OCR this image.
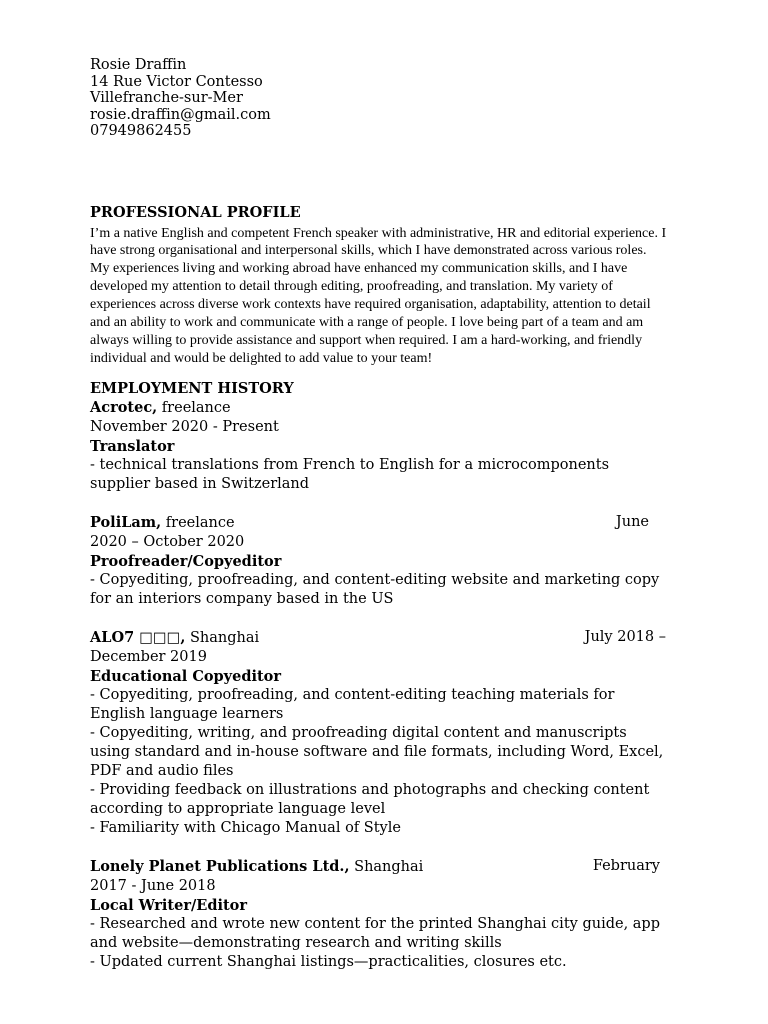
Rosie Draffin
14 Rue Victor Contesso
Villefranche-sur-Mer
rosie.draffin@gmail.com
07949862455
PROFESSIONAL PROFILE
I’m a native English and competent French speaker with administrative, HR and editorial experience. I have strong organisational and interpersonal skills, which I have demonstrated across various roles. My experiences living and working abroad have enhanced my communication skills, and I have developed my attention to detail through editing, proofreading, and translation. My variety of experiences across diverse work contexts have required organisation, adaptability, attention to detail and an ability to work and communicate with a range of people. I love being part of a team and am always willing to provide assistance and support when required. I am a hard-working, and friendly individual and would be delighted to add value to your team!
EMPLOYMENT HISTORY
Acrotec, freelance
November 2020 - Present
Translator
- technical translations from French to English for a microcomponents supplier based in Switzerland
PoliLam, freelance	June
2020 – October 2020
Proofreader/Copyeditor
- Copyediting, proofreading, and content-editing website and marketing copy for an interiors company based in the US
ALO7 □□□, Shanghai	July 2018 –
December 2019
Educational Copyeditor
- Copyediting, proofreading, and content-editing teaching materials for English language learners
- Copyediting, writing, and proofreading digital content and manuscripts using standard and in-house software and file formats, including Word, Excel, PDF and audio files
- Providing feedback on illustrations and photographs and checking content according to appropriate language level
- Familiarity with Chicago Manual of Style
Lonely Planet Publications Ltd., Shanghai	February
2017 - June 2018
Local Writer/Editor
- Researched and wrote new content for the printed Shanghai city guide, app and website—demonstrating research and writing skills
- Updated current Shanghai listings—practicalities, closures etc.
